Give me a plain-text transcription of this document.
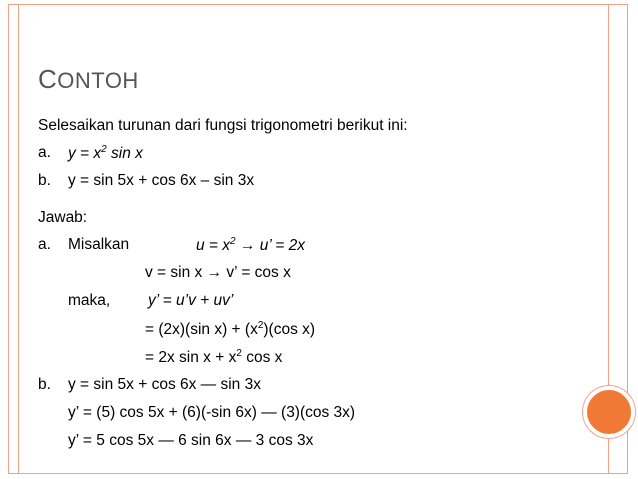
CONTOH
Selesaikan turunan dari fungsi trigonometri berikut ini:
a. $y = x^2$ sin x
b. y = sin 5x + cos 6x – sin 3x
Jawab:
a. Misalkan	$u = x^2 \to u$’ = 2x
v = sin x → v’ = cos x
maka, y’ = u’v + uv’
= (2x)(sin $x) + (x^2)(\cos$ x)
= 2x $\sin x + x^2$ cos x
b. y = sin 5x + cos 6x — sin 3x
y’ = (5) cos 5x + (6)(-sin 6x) — (3)(cos 3x)
y’ = 5 cos 5x — 6 sin 6x — 3 cos 3x
